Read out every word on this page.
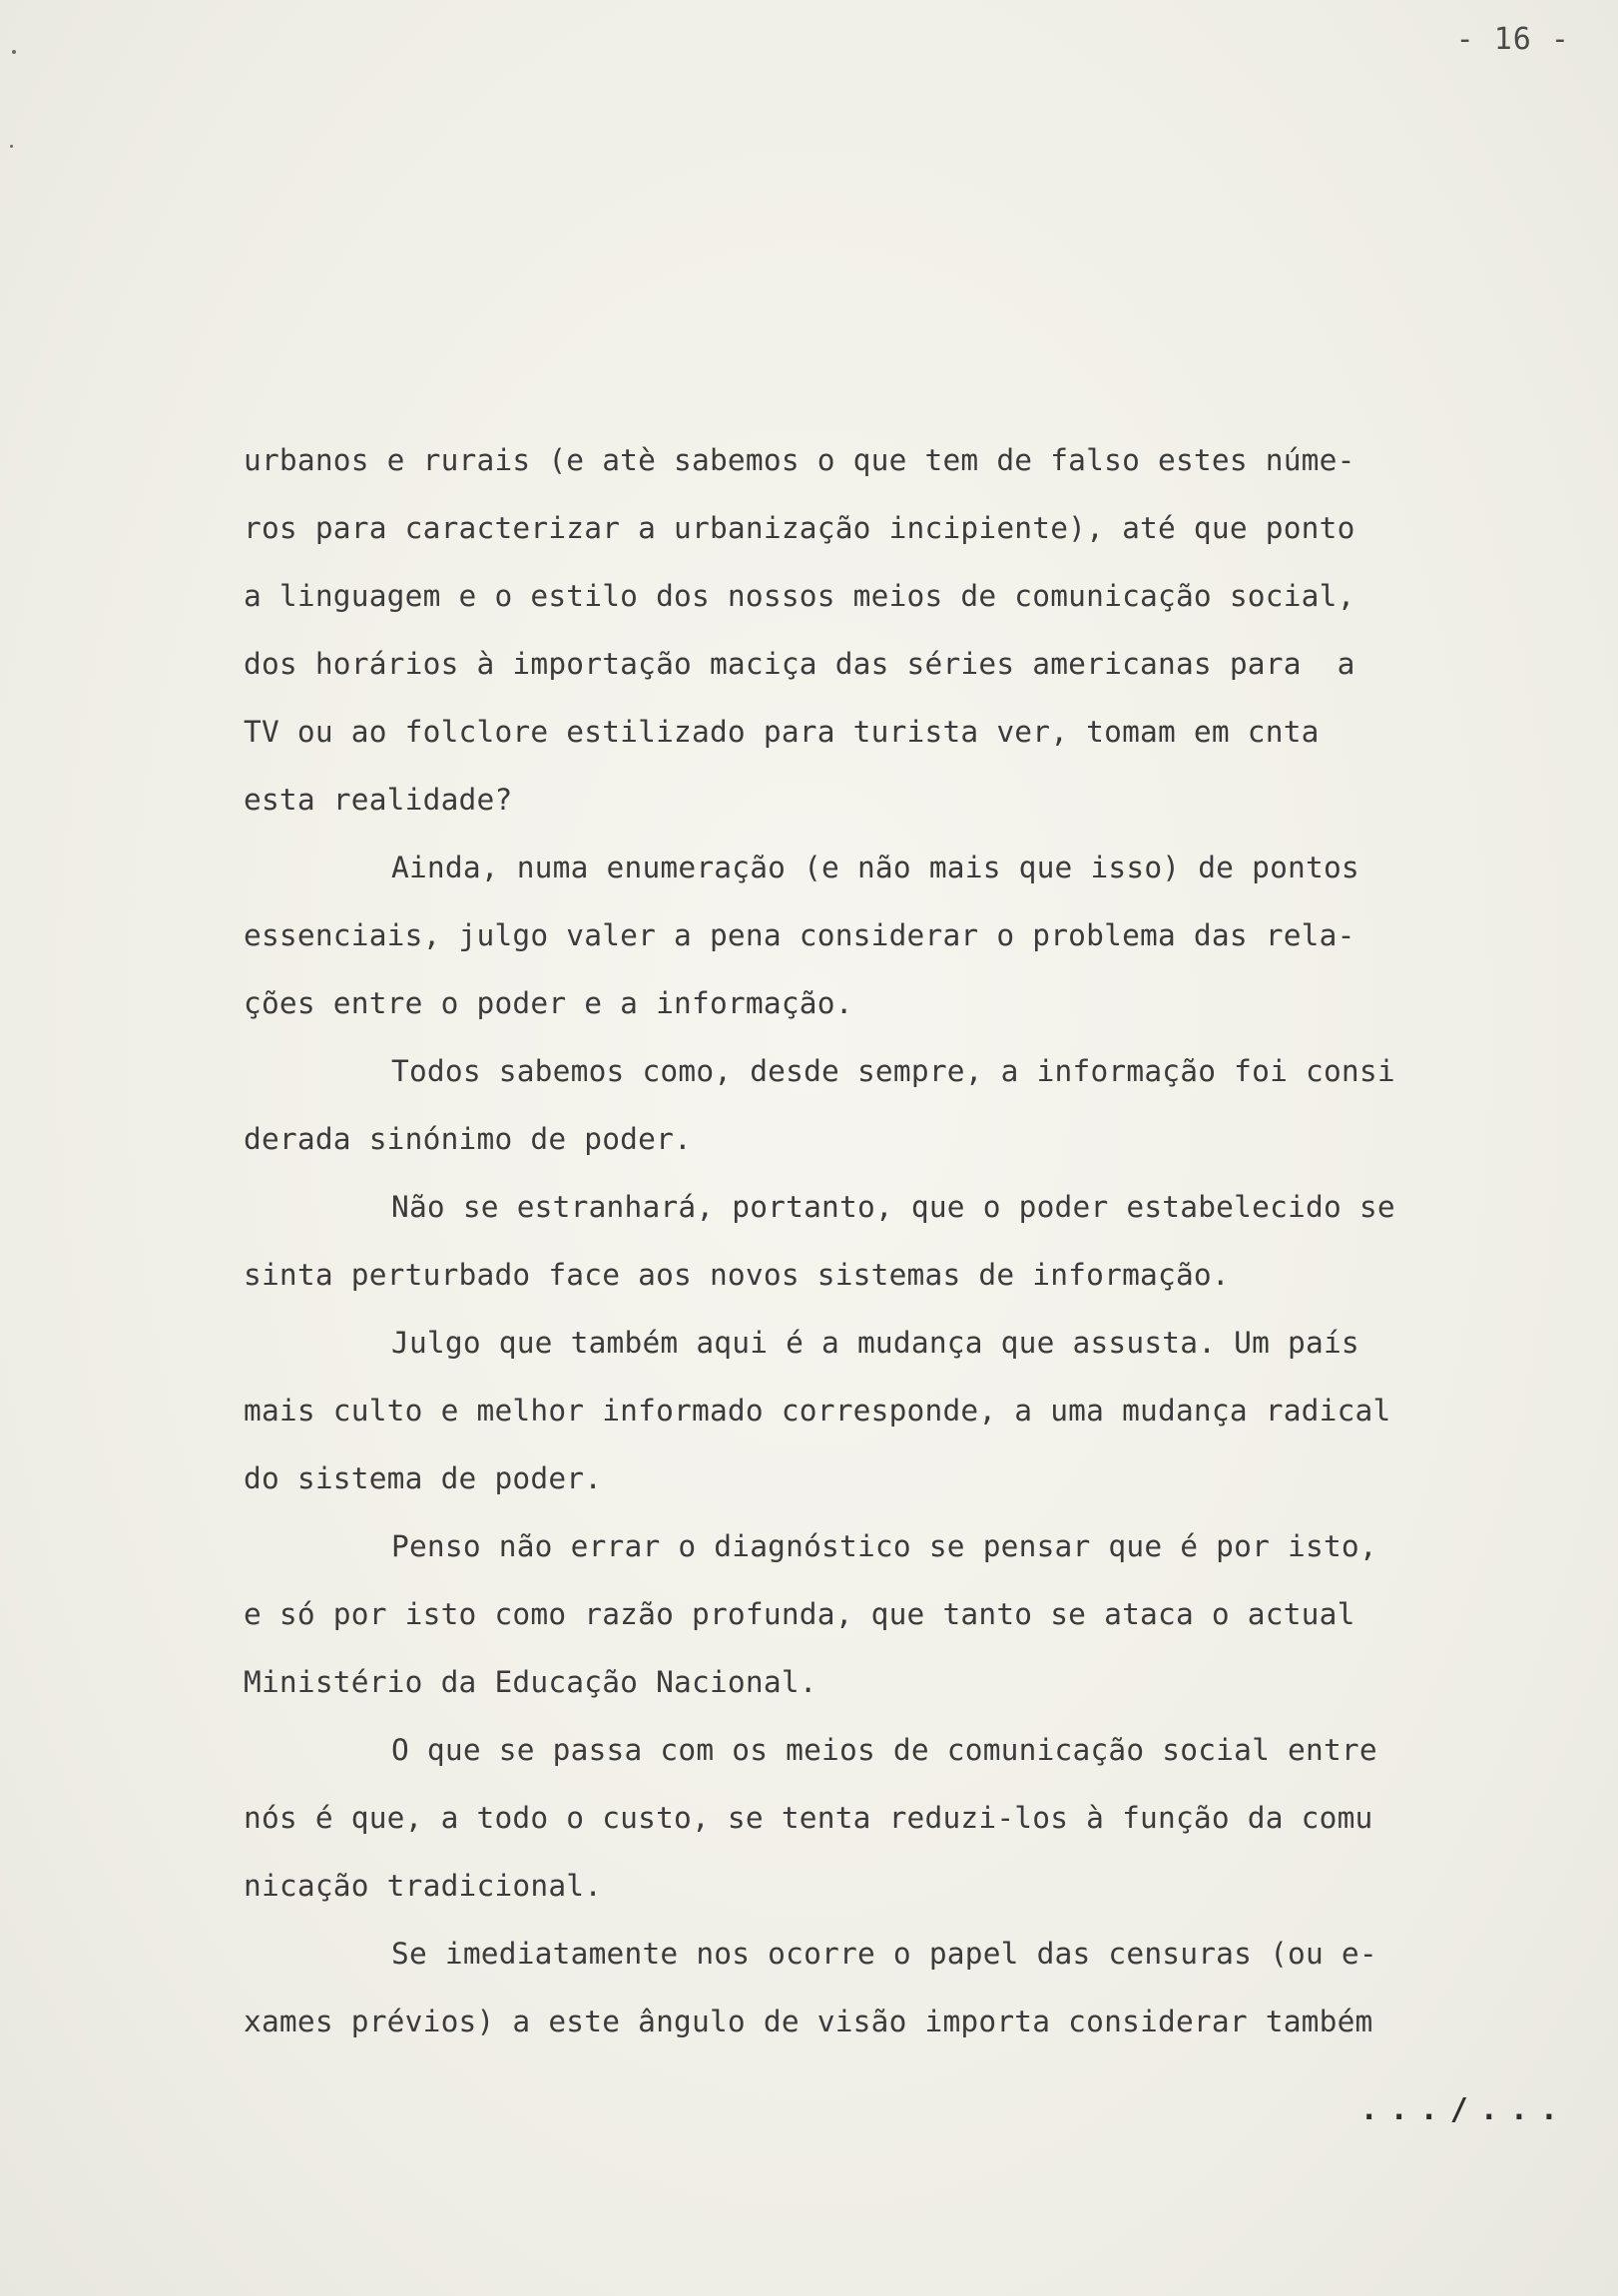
- 16 -
urbanos e rurais (e atè sabemos o que tem de falso estes núme-
ros para caracterizar a urbanização incipiente), até que ponto
a linguagem e o estilo dos nossos meios de comunicação social,
dos horários à importação maciça das séries americanas para  a
TV ou ao folclore estilizado para turista ver, tomam em cnta
esta realidade?
Ainda, numa enumeração (e não mais que isso) de pontos
essenciais, julgo valer a pena considerar o problema das rela-
ções entre o poder e a informação.
Todos sabemos como, desde sempre, a informação foi consi
derada sinónimo de poder.
Não se estranhará, portanto, que o poder estabelecido se
sinta perturbado face aos novos sistemas de informação.
Julgo que também aqui é a mudança que assusta. Um país
mais culto e melhor informado corresponde, a uma mudança radical
do sistema de poder.
Penso não errar o diagnóstico se pensar que é por isto,
e só por isto como razão profunda, que tanto se ataca o actual
Ministério da Educação Nacional.
O que se passa com os meios de comunicação social entre
nós é que, a todo o custo, se tenta reduzi-los à função da comu
nicação tradicional.
Se imediatamente nos ocorre o papel das censuras (ou e-
xames prévios) a este ângulo de visão importa considerar também
.../...
